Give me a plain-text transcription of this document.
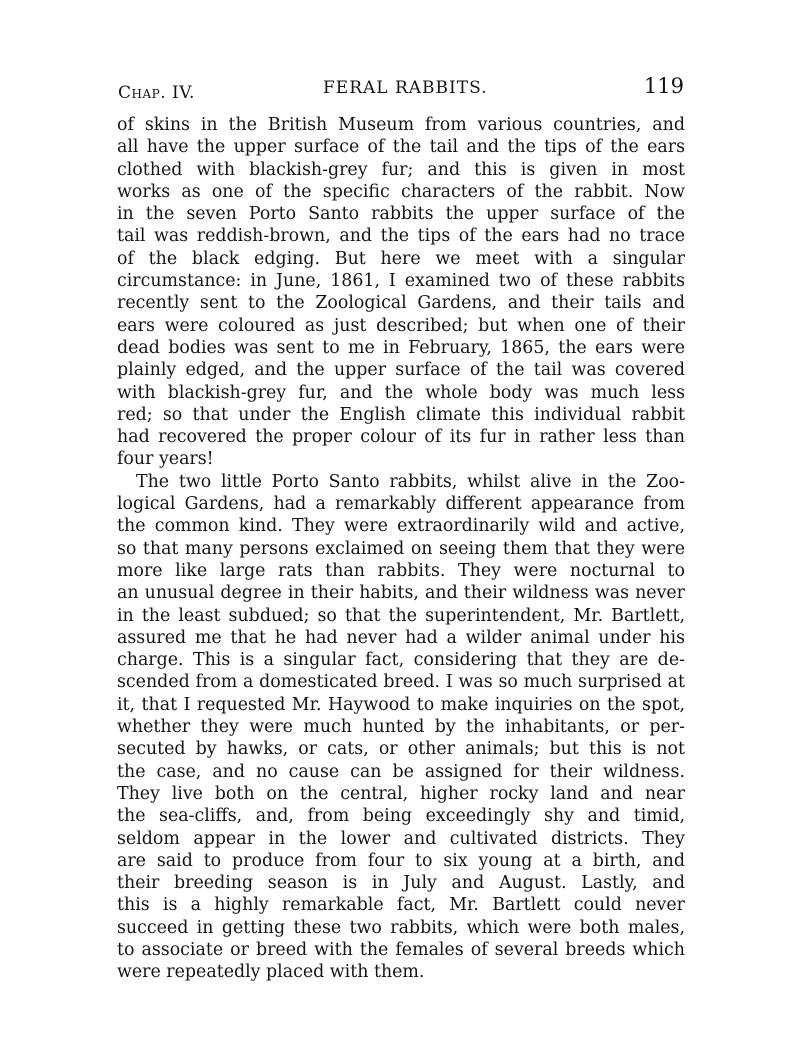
Chap. IV.	FERAL RABBITS.	119
of skins in the British Museum from various countries, and
all have the upper surface of the tail and the tips of the ears
clothed with blackish-grey fur; and this is given in most
works as one of the specific characters of the rabbit. Now
in the seven Porto Santo rabbits the upper surface of the
tail was reddish-brown, and the tips of the ears had no trace
of the black edging. But here we meet with a singular
circumstance: in June, 1861, I examined two of these rabbits
recently sent to the Zoological Gardens, and their tails and
ears were coloured as just described; but when one of their
dead bodies was sent to me in February, 1865, the ears were
plainly edged, and the upper surface of the tail was covered
with blackish-grey fur, and the whole body was much less
red; so that under the English climate this individual rabbit
had recovered the proper colour of its fur in rather less than
four years!
The two little Porto Santo rabbits, whilst alive in the Zoo-
logical Gardens, had a remarkably different appearance from
the common kind. They were extraordinarily wild and active,
so that many persons exclaimed on seeing them that they were
more like large rats than rabbits. They were nocturnal to
an unusual degree in their habits, and their wildness was never
in the least subdued; so that the superintendent, Mr. Bartlett,
assured me that he had never had a wilder animal under his
charge. This is a singular fact, considering that they are de-
scended from a domesticated breed. I was so much surprised at
it, that I requested Mr. Haywood to make inquiries on the spot,
whether they were much hunted by the inhabitants, or per-
secuted by hawks, or cats, or other animals; but this is not
the case, and no cause can be assigned for their wildness.
They live both on the central, higher rocky land and near
the sea-cliffs, and, from being exceedingly shy and timid,
seldom appear in the lower and cultivated districts. They
are said to produce from four to six young at a birth, and
their breeding season is in July and August. Lastly, and
this is a highly remarkable fact, Mr. Bartlett could never
succeed in getting these two rabbits, which were both males,
to associate or breed with the females of several breeds which
were repeatedly placed with them.
